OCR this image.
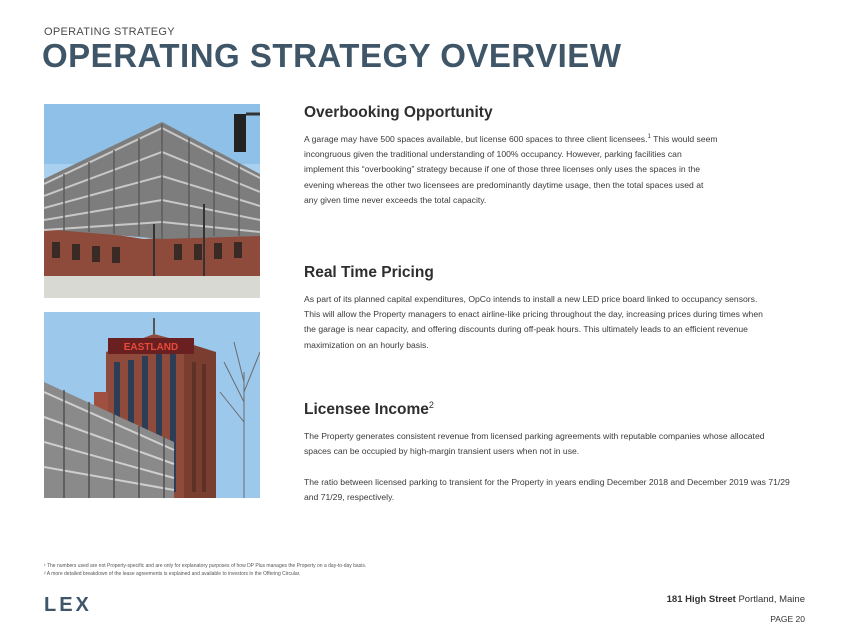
OPERATING STRATEGY
OPERATING STRATEGY OVERVIEW
EASTLAND
Overbooking Opportunity

A garage may have 500 spaces available, but license 600 spaces to three client licensees.$^1$ This would seem incongruous given the traditional understanding of 100% occupancy. However, parking facilities can implement this “overbooking” strategy because if one of those three licenses only uses the spaces in the evening whereas the other two licensees are predominantly daytime usage, then the total spaces used at any given time never exceeds the total capacity.

Real Time Pricing

As part of its planned capital expenditures, OpCo intends to install a new LED price board linked to occupancy sensors. This will allow the Property managers to enact airline-like pricing throughout the day, increasing prices during times when the garage is near capacity, and offering discounts during off-peak hours. This ultimately leads to an efficient revenue maximization on an hourly basis.

Licensee Income$^2$

The Property generates consistent revenue from licensed parking agreements with reputable companies whose allocated spaces can be occupied by high-margin transient users when not in use.

The ratio between licensed parking to transient for the Property in years ending December 2018 and December 2019 was 71/29 and 71/29, respectively.

¹ The numbers used are not Property-specific and are only for explanatory purposes of how DP Plus manages the Property on a day-to-day basis.
² A more detailed breakdown of the lease agreements is explained and available to investors in the Offering Circular.
LEX	181 High Street Portland, Maine
PAGE 20
